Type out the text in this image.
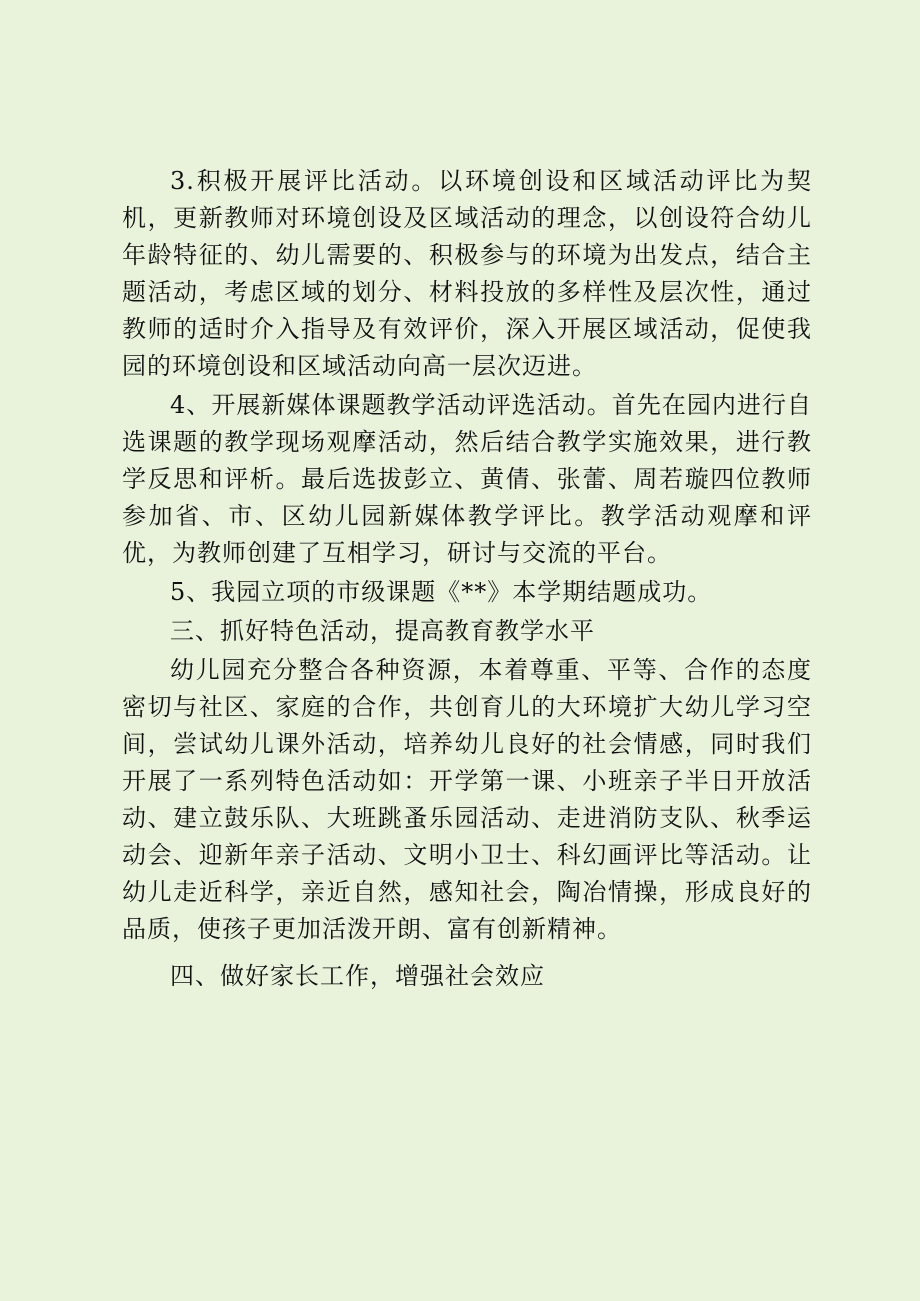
3.积极开展评比活动。以环境创设和区域活动评比为契机，更新教师对环境创设及区域活动的理念，以创设符合幼儿年龄特征的、幼儿需要的、积极参与的环境为出发点，结合主题活动，考虑区域的划分、材料投放的多样性及层次性，通过教师的适时介入指导及有效评价，深入开展区域活动，促使我园的环境创设和区域活动向高一层次迈进。

4、开展新媒体课题教学活动评选活动。首先在园内进行自选课题的教学现场观摩活动，然后结合教学实施效果，进行教学反思和评析。最后选拔彭立、黄倩、张蕾、周若璇四位教师参加省、市、区幼儿园新媒体教学评比。教学活动观摩和评优，为教师创建了互相学习，研讨与交流的平台。

5、我园立项的市级课题《**》本学期结题成功。

三、抓好特色活动，提高教育教学水平

幼儿园充分整合各种资源，本着尊重、平等、合作的态度密切与社区、家庭的合作，共创育儿的大环境扩大幼儿学习空间，尝试幼儿课外活动，培养幼儿良好的社会情感，同时我们开展了一系列特色活动如：开学第一课、小班亲子半日开放活动、建立鼓乐队、大班跳蚤乐园活动、走进消防支队、秋季运动会、迎新年亲子活动、文明小卫士、科幻画评比等活动。让幼儿走近科学，亲近自然，感知社会，陶冶情操，形成良好的品质，使孩子更加活泼开朗、富有创新精神。

四、做好家长工作，增强社会效应
